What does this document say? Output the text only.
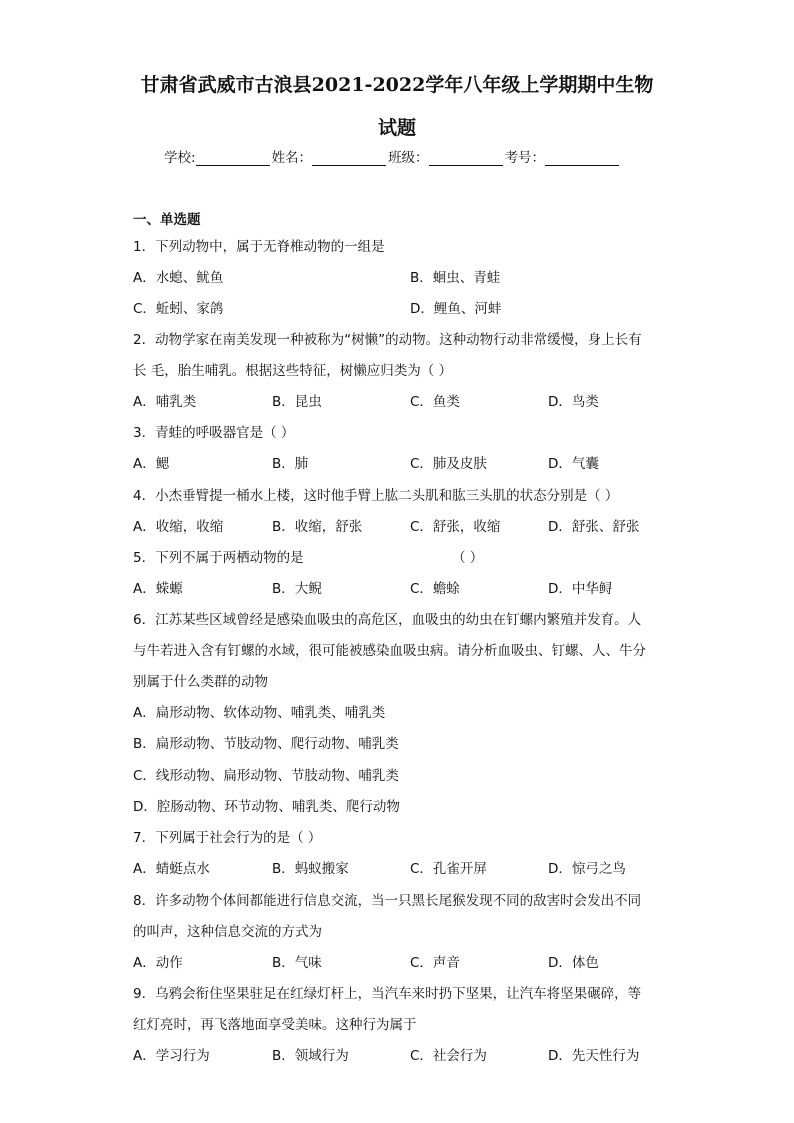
甘肃省武威市古浪县2021-2022学年八年级上学期期中生物
试题
学校:	姓名：	班级：	考号：
一、单选题
1．下列动物中，属于无脊椎动物的一组是
A．水螅、鱿鱼	B．蛔虫、青蛙
C．蚯蚓、家鸽	D．鲤鱼、河蚌
2．动物学家在南美发现一种被称为“树懒”的动物。这种动物行动非常缓慢，身上长有
长 毛，胎生哺乳。根据这些特征，树懒应归类为（ ）
A．哺乳类	B．昆虫	C．鱼类	D．鸟类
3．青蛙的呼吸器官是（ ）
A．鳃	B．肺	C．肺及皮肤	D．气囊
4．小杰垂臂提一桶水上楼，这时他手臂上肱二头肌和肱三头肌的状态分别是（ ）
A．收缩，收缩	B．收缩，舒张	C．舒张，收缩	D．舒张、舒张
5．下列不属于两栖动物的是	（ ）
A．蝾螈	B．大鲵	C．蟾蜍	D．中华鲟
6．江苏某些区域曾经是感染血吸虫的高危区，血吸虫的幼虫在钉螺内繁殖并发育。人
与牛若进入含有钉螺的水域，很可能被感染血吸虫病。请分析血吸虫、钉螺、人、牛分
别属于什么类群的动物
A．扁形动物、软体动物、哺乳类、哺乳类
B．扁形动物、节肢动物、爬行动物、哺乳类
C．线形动物、扁形动物、节肢动物、哺乳类
D．腔肠动物、环节动物、哺乳类、爬行动物
7．下列属于社会行为的是（ ）
A．蜻蜓点水	B．蚂蚁搬家	C．孔雀开屏	D．惊弓之鸟
8．许多动物个体间都能进行信息交流，当一只黑长尾猴发现不同的敌害时会发出不同
的叫声，这种信息交流的方式为
A．动作	B．气味	C．声音	D．体色
9．乌鸦会衔住坚果驻足在红绿灯杆上，当汽车来时扔下坚果，让汽车将坚果碾碎，等
红灯亮时，再飞落地面享受美味。这种行为属于
A．学习行为	B．领域行为	C．社会行为	D．先天性行为
